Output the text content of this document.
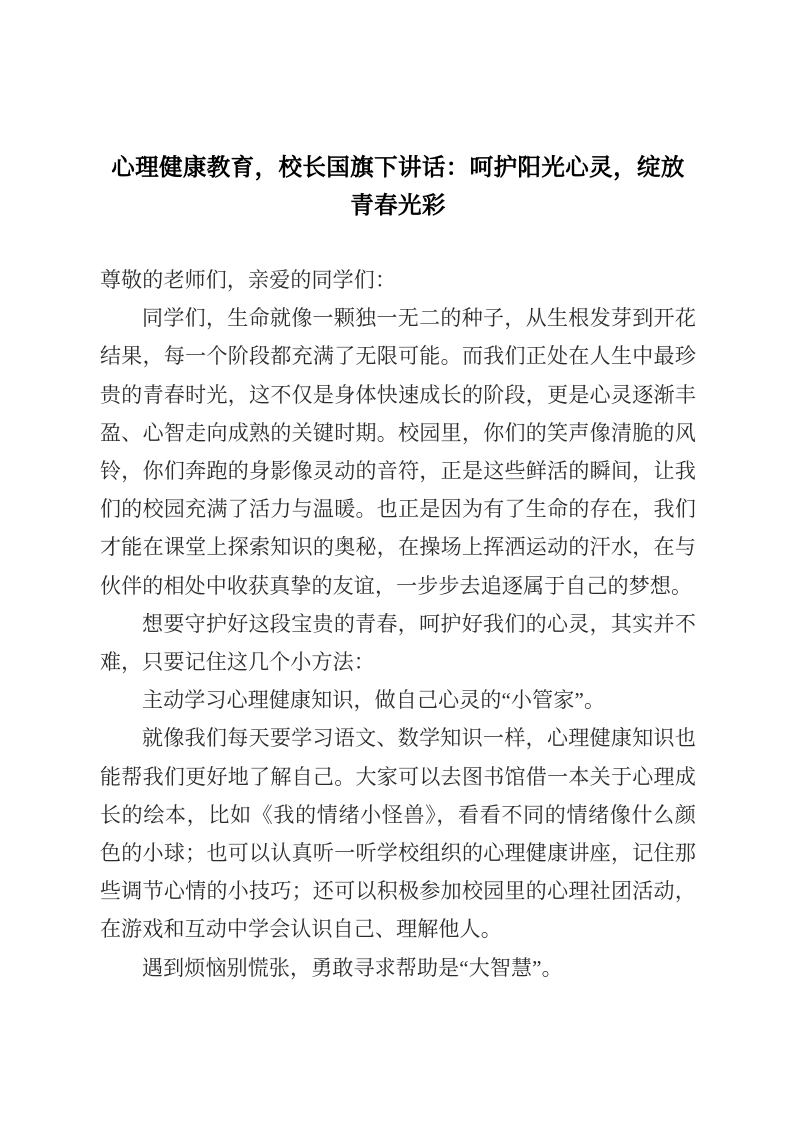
心理健康教育，校长国旗下讲话：呵护阳光心灵，绽放青春光彩

尊敬的老师们，亲爱的同学们：

同学们，生命就像一颗独一无二的种子，从生根发芽到开花结果，每一个阶段都充满了无限可能。而我们正处在人生中最珍贵的青春时光，这不仅是身体快速成长的阶段，更是心灵逐渐丰盈、心智走向成熟的关键时期。校园里，你们的笑声像清脆的风铃，你们奔跑的身影像灵动的音符，正是这些鲜活的瞬间，让我们的校园充满了活力与温暖。也正是因为有了生命的存在，我们才能在课堂上探索知识的奥秘，在操场上挥洒运动的汗水，在与伙伴的相处中收获真挚的友谊，一步步去追逐属于自己的梦想。

想要守护好这段宝贵的青春，呵护好我们的心灵，其实并不难，只要记住这几个小方法：

主动学习心理健康知识，做自己心灵的“小管家”。

就像我们每天要学习语文、数学知识一样，心理健康知识也能帮我们更好地了解自己。大家可以去图书馆借一本关于心理成长的绘本，比如《我的情绪小怪兽》，看看不同的情绪像什么颜色的小球；也可以认真听一听学校组织的心理健康讲座，记住那些调节心情的小技巧；还可以积极参加校园里的心理社团活动，在游戏和互动中学会认识自己、理解他人。

遇到烦恼别慌张，勇敢寻求帮助是“大智慧”。
